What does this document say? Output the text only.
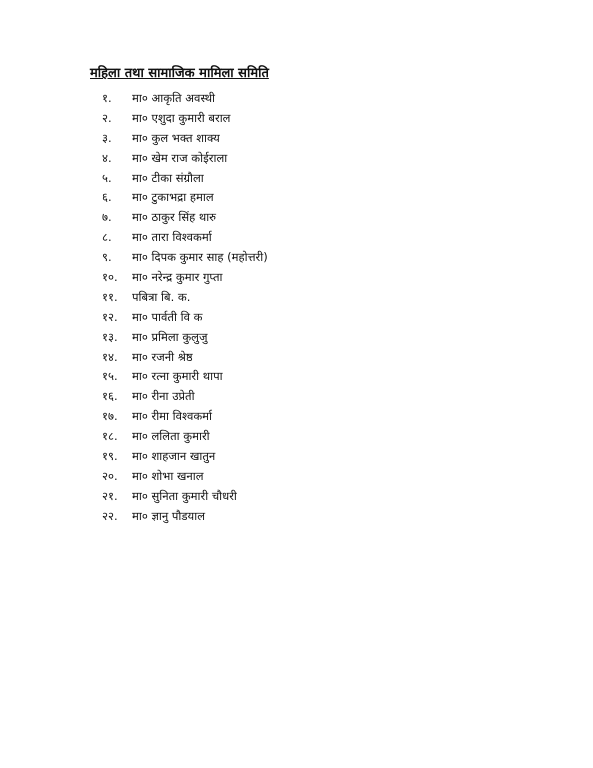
महिला तथा सामाजिक मामिला समिति
१.	मा० आकृति अवस्थी
२.	मा० एशुदा कुमारी बराल
३.	मा० कुल भक्त शाक्य
४.	मा० खेम राज कोईराला
५.	मा० टीका संग्रौला
६.	मा० टुकाभद्रा हमाल
७.	मा० ठाकुर सिंह थारु
८.	मा० तारा विश्वकर्मा
९.	मा० दिपक कुमार साह (महोत्तरी)
१०.	मा० नरेन्द्र कुमार गुप्ता
११.	पबित्रा बि. क.
१२.	मा० पार्वती वि क
१३.	मा० प्रमिला कुलुजु
१४.	मा० रजनी श्रेष्ठ
१५.	मा० रत्ना कुमारी थापा
१६.	मा० रीना उप्रेती
१७.	मा० रीमा विश्वकर्मा
१८.	मा० ललिता कुमारी
१९.	मा० शाहजान खातुन
२०.	मा० शोभा खनाल
२१.	मा० सुनिता कुमारी चौधरी
२२.	मा० ज्ञानु पौडयाल
